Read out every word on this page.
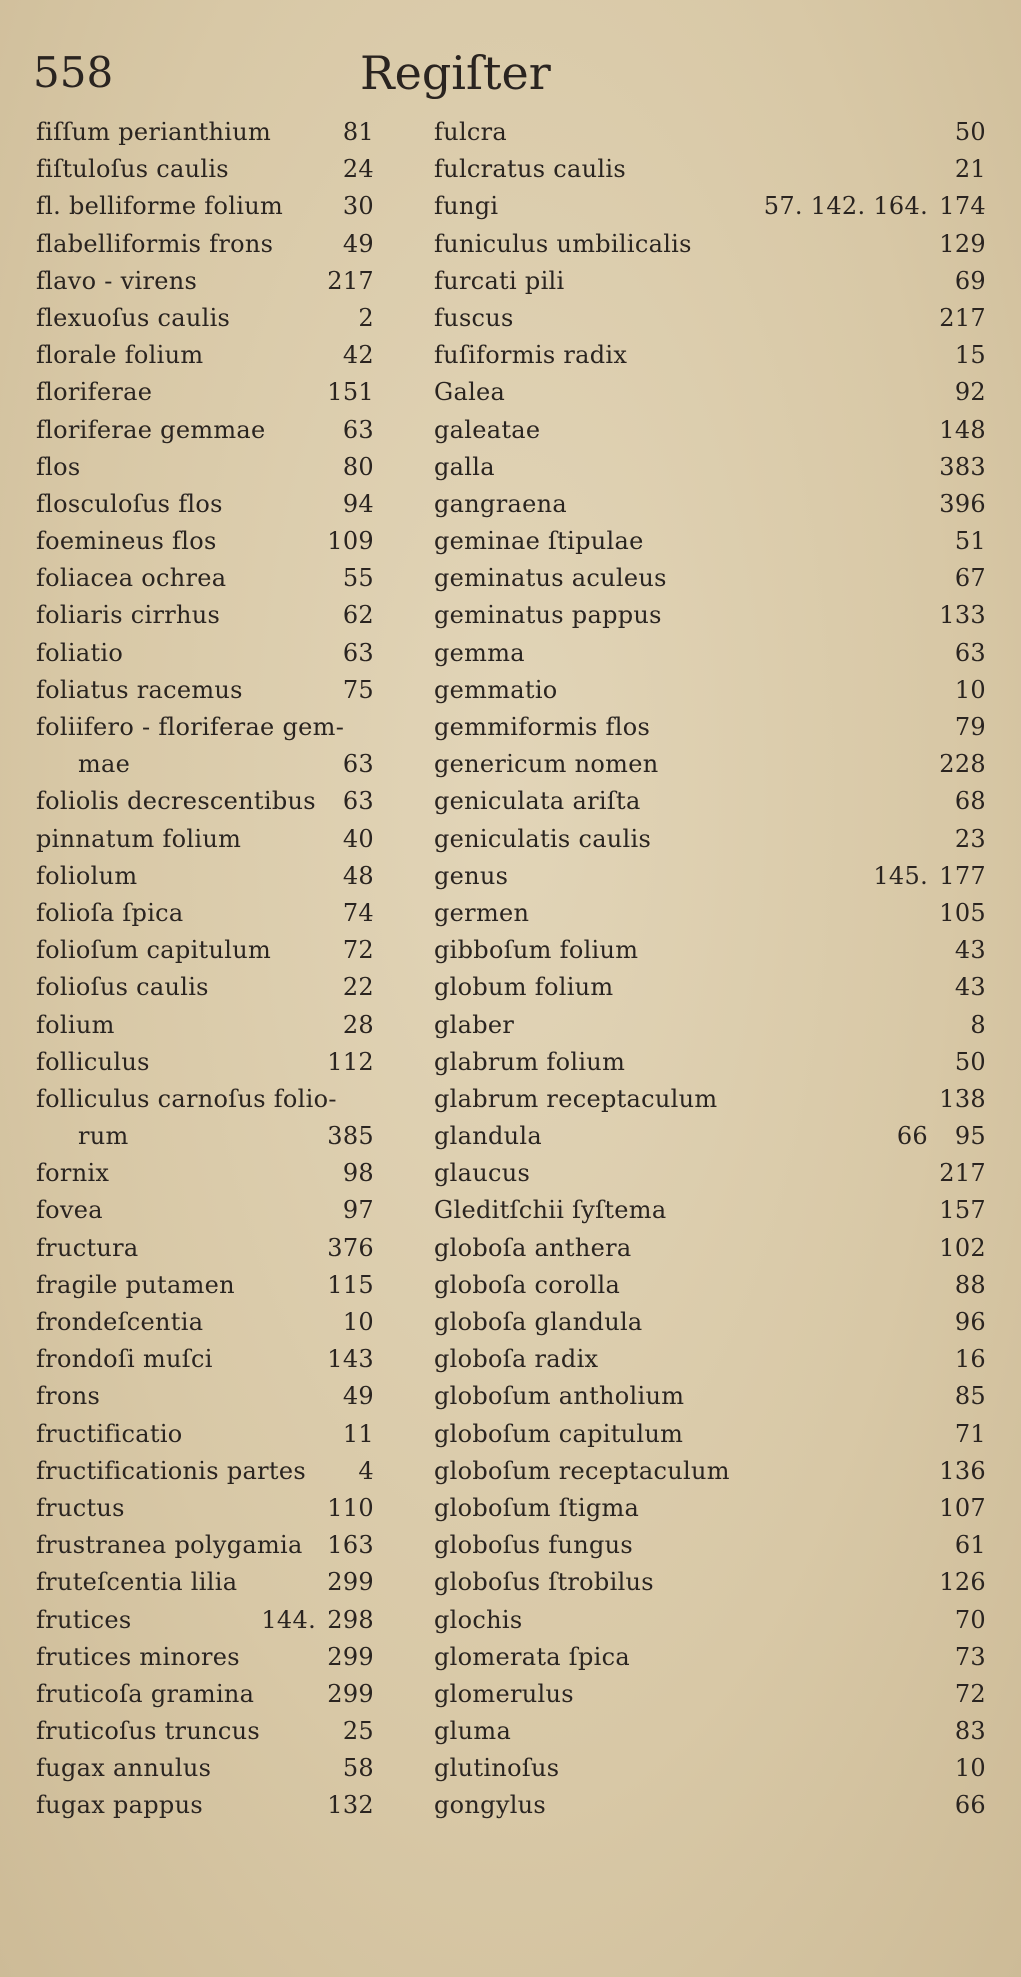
558	Regiſter
fiſſum perianthium	81
fiſtuloſus caulis	24
fl. belliforme folium 30
flabelliformis frons	49
flavo - virens	217
flexuoſus caulis	2
florale folium	42
floriferae	151
floriferae gemmae	63
flos	80
flosculoſus flos	94
foemineus flos	109
foliacea ochrea	55
foliaris cirrhus	62
foliatio	63
foliatus racemus	75
foliifero - floriferae gem-
mae	63
foliolis decrescentibus 63
pinnatum folium	40
foliolum	48
folioſa ſpica	74
folioſum capitulum	72
folioſus caulis	22
folium	28
folliculus	112
folliculus carnoſus folio-
rum	385
fornix	98
fovea	97
fructura	376
fragile putamen	115
frondeſcentia	10
frondoſi muſci	143
frons	49
fructificatio	11
fructificationis partes 4
fructus	110
frustranea polygamia 163
fruteſcentia lilia	299
frutices	144. 298
frutices minores	299
fruticoſa gramina	299
fruticoſus truncus	25
fugax annulus	58
fugax pappus	132
fulcra	50
fulcratus caulis	21
fungi	57. 142. 164. 174
funiculus umbilicalis	129
furcati pili	69
fuscus	217
fuſiformis radix	15
Galea	92
galeatae	148
galla	383
gangraena	396
geminae ſtipulae	51
geminatus aculeus	67
geminatus pappus	133
gemma	63
gemmatio	10
gemmiformis flos	79
genericum nomen	228
geniculata ariſta	68
geniculatis caulis	23
genus	145. 177
germen	105
gibboſum folium	43
globum folium	43
glaber	8
glabrum folium	50
glabrum receptaculum	138
glandula	66 95
glaucus	217
Gleditſchii ſyſtema	157
globoſa anthera	102
globoſa corolla	88
globoſa glandula	96
globoſa radix	16
globoſum antholium	85
globoſum capitulum	71
globoſum receptaculum	136
globoſum ſtigma	107
globoſus fungus	61
globoſus ſtrobilus	126
glochis	70
glomerata ſpica	73
glomerulus	72
gluma	83
glutinoſus	10
gongylus	66
